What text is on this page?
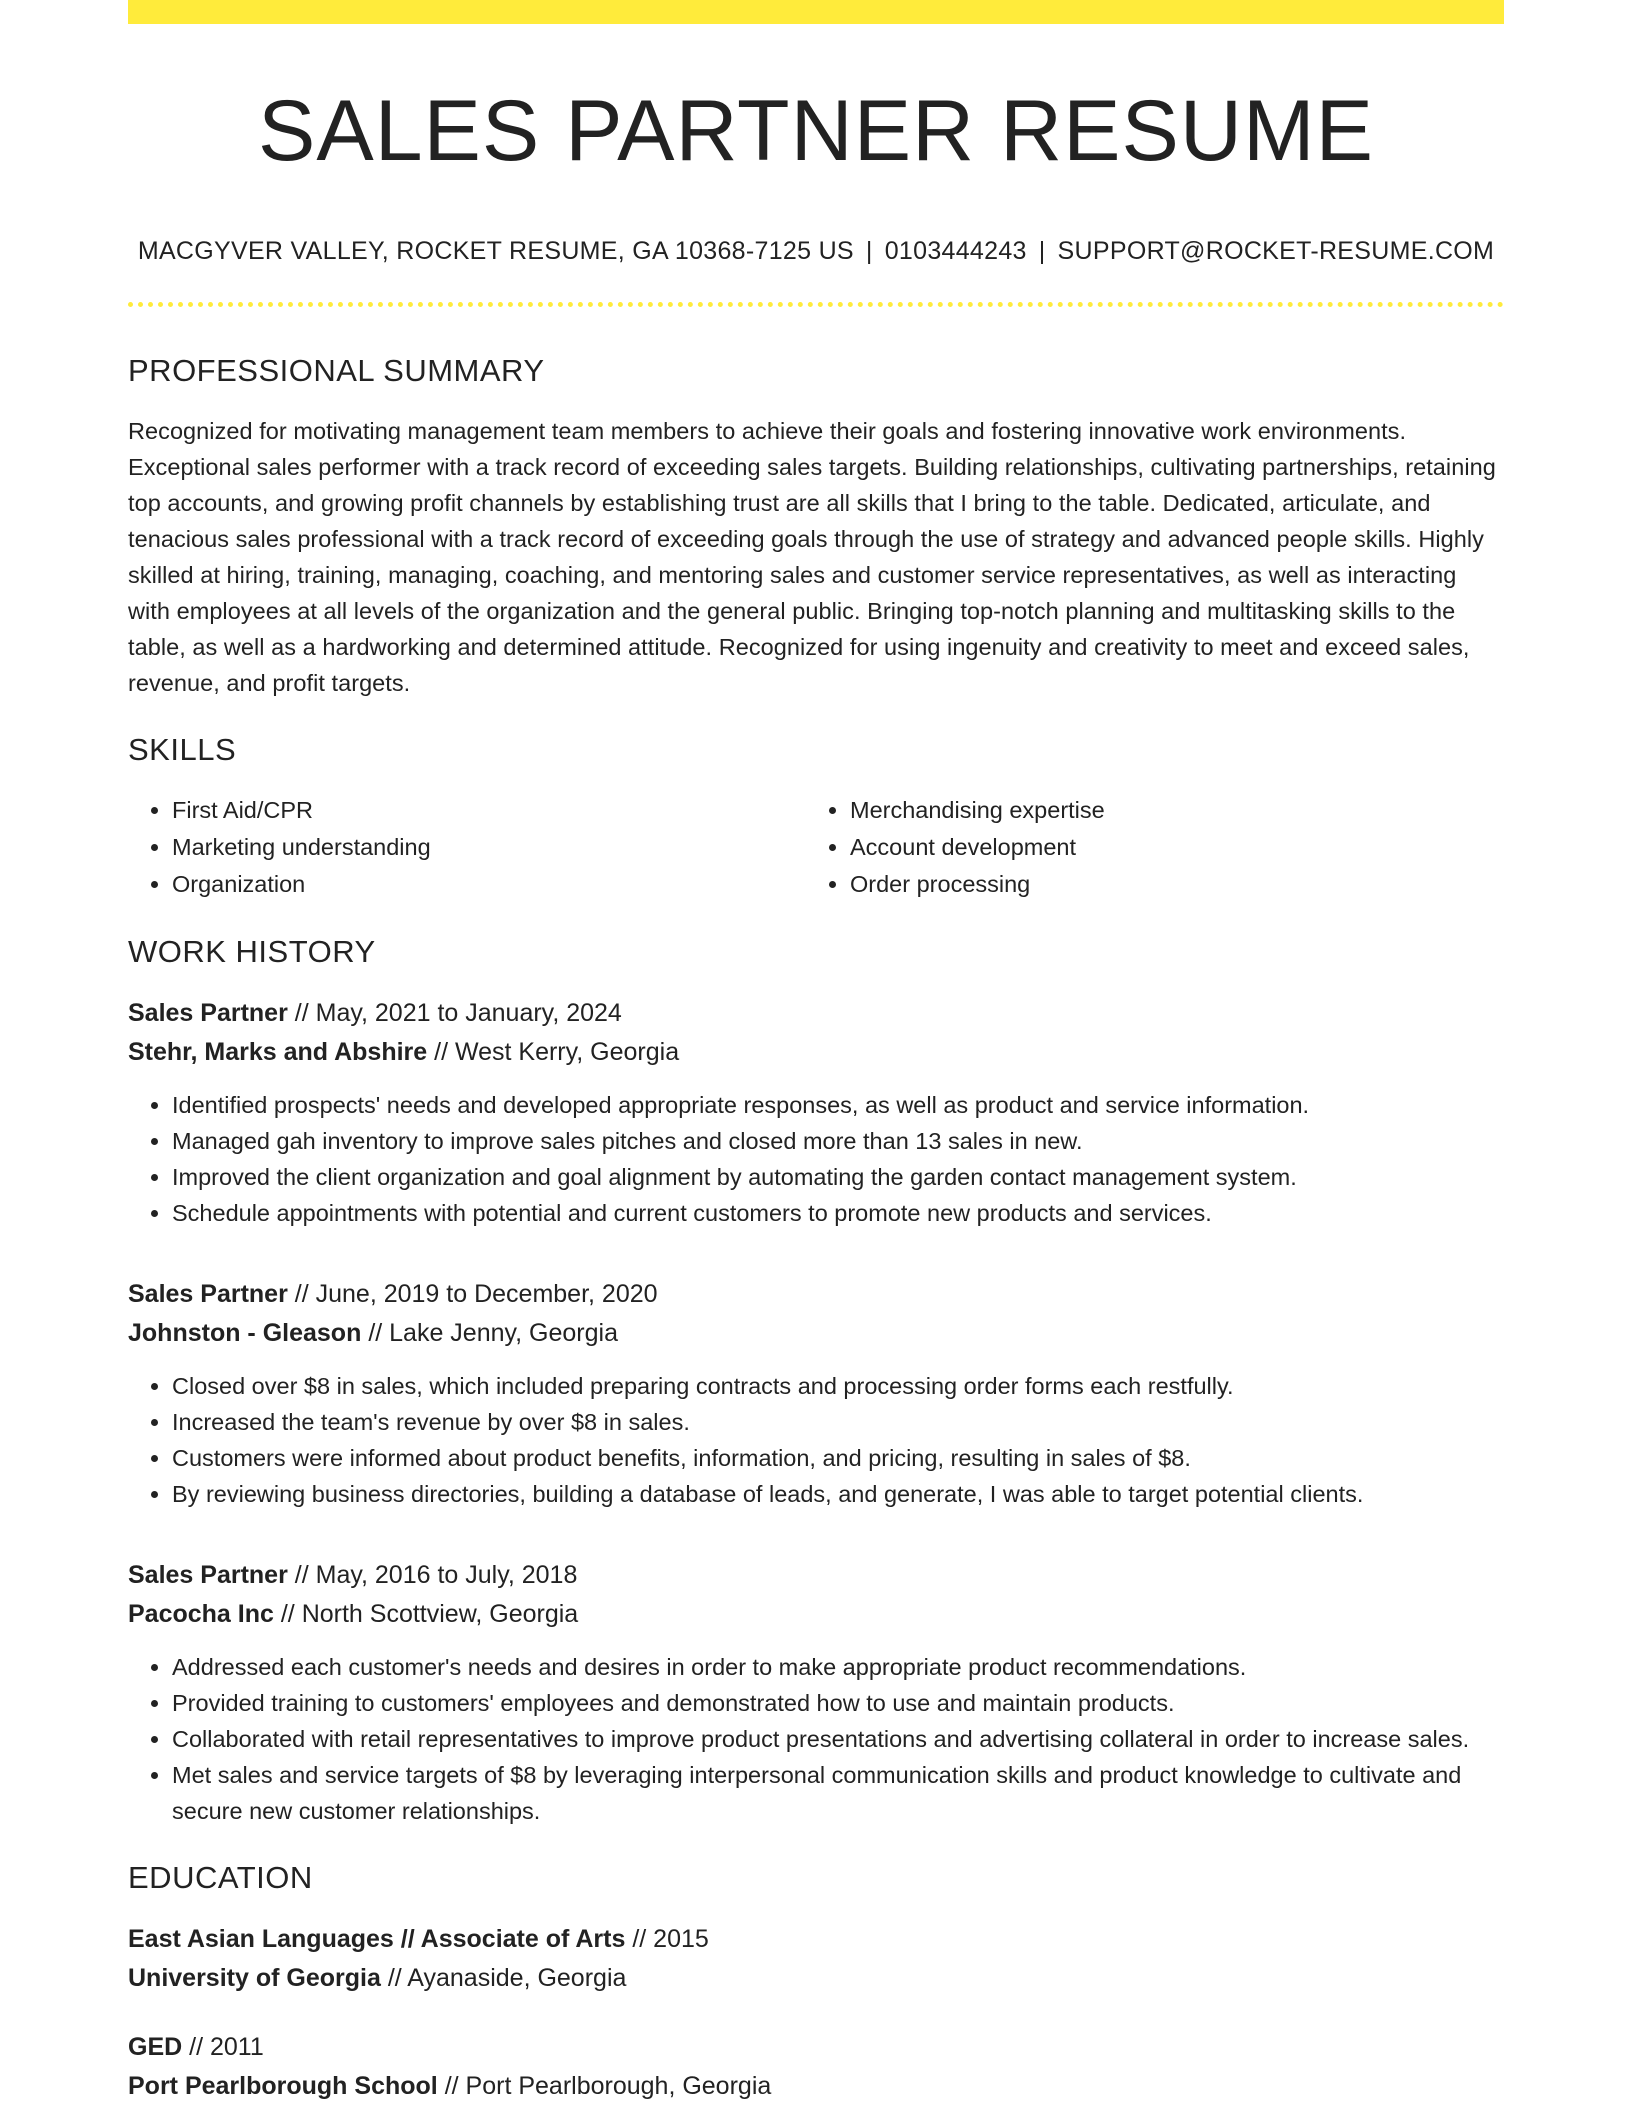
SALES PARTNER RESUME
MACGYVER VALLEY, ROCKET RESUME, GA 10368-7125 US | 0103444243 | SUPPORT@ROCKET-RESUME.COM
PROFESSIONAL SUMMARY
Recognized for motivating management team members to achieve their goals and fostering innovative work environments. Exceptional sales performer with a track record of exceeding sales targets. Building relationships, cultivating partnerships, retaining top accounts, and growing profit channels by establishing trust are all skills that I bring to the table. Dedicated, articulate, and tenacious sales professional with a track record of exceeding goals through the use of strategy and advanced people skills. Highly skilled at hiring, training, managing, coaching, and mentoring sales and customer service representatives, as well as interacting with employees at all levels of the organization and the general public. Bringing top-notch planning and multitasking skills to the table, as well as a hardworking and determined attitude. Recognized for using ingenuity and creativity to meet and exceed sales, revenue, and profit targets.
SKILLS
• First Aid/CPR
• Marketing understanding
• Organization
• Merchandising expertise
• Account development
• Order processing
WORK HISTORY
Sales Partner // May, 2021 to January, 2024
Stehr, Marks and Abshire // West Kerry, Georgia
• Identified prospects' needs and developed appropriate responses, as well as product and service information.
• Managed gah inventory to improve sales pitches and closed more than 13 sales in new.
• Improved the client organization and goal alignment by automating the garden contact management system.
• Schedule appointments with potential and current customers to promote new products and services.
Sales Partner // June, 2019 to December, 2020
Johnston - Gleason // Lake Jenny, Georgia
• Closed over $8 in sales, which included preparing contracts and processing order forms each restfully.
• Increased the team's revenue by over $8 in sales.
• Customers were informed about product benefits, information, and pricing, resulting in sales of $8.
• By reviewing business directories, building a database of leads, and generate, I was able to target potential clients.
Sales Partner // May, 2016 to July, 2018
Pacocha Inc // North Scottview, Georgia
• Addressed each customer's needs and desires in order to make appropriate product recommendations.
• Provided training to customers' employees and demonstrated how to use and maintain products.
• Collaborated with retail representatives to improve product presentations and advertising collateral in order to increase sales.
• Met sales and service targets of $8 by leveraging interpersonal communication skills and product knowledge to cultivate and secure new customer relationships.
EDUCATION
East Asian Languages // Associate of Arts // 2015
University of Georgia // Ayanaside, Georgia
GED // 2011
Port Pearlborough School // Port Pearlborough, Georgia
